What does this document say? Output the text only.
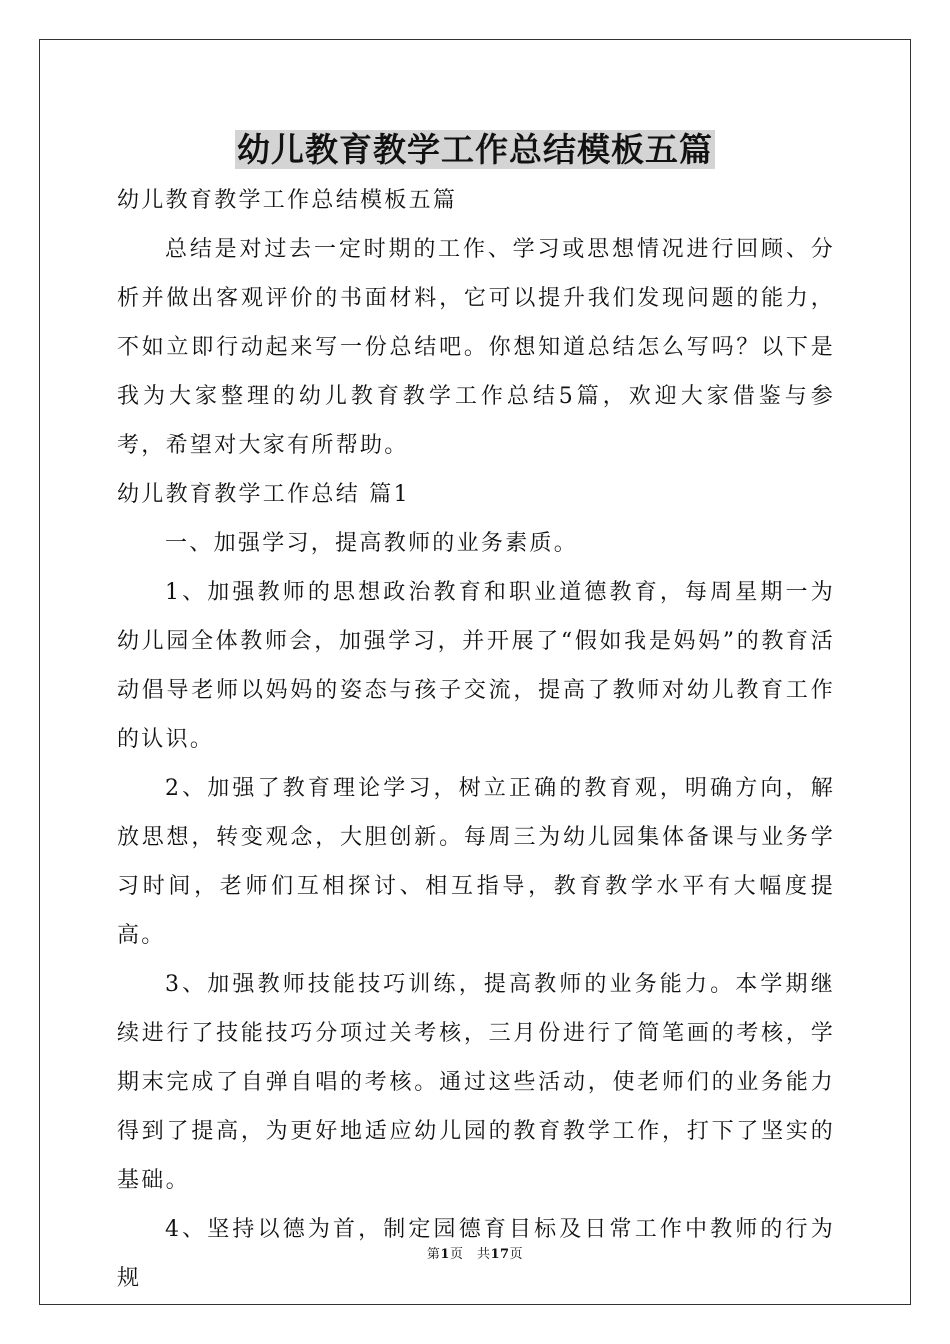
幼儿教育教学工作总结模板五篇

幼儿教育教学工作总结模板五篇

总结是对过去一定时期的工作、学习或思想情况进行回顾、分析并做出客观评价的书面材料，它可以提升我们发现问题的能力，不如立即行动起来写一份总结吧。你想知道总结怎么写吗？以下是我为大家整理的幼儿教育教学工作总结5篇，欢迎大家借鉴与参考，希望对大家有所帮助。

幼儿教育教学工作总结 篇1

一、加强学习，提高教师的业务素质。

1、加强教师的思想政治教育和职业道德教育，每周星期一为幼儿园全体教师会，加强学习，并开展了“假如我是妈妈”的教育活动倡导老师以妈妈的姿态与孩子交流，提高了教师对幼儿教育工作的认识。

2、加强了教育理论学习，树立正确的教育观，明确方向，解放思想，转变观念，大胆创新。每周三为幼儿园集体备课与业务学习时间，老师们互相探讨、相互指导，教育教学水平有大幅度提高。

3、加强教师技能技巧训练，提高教师的业务能力。本学期继续进行了技能技巧分项过关考核，三月份进行了简笔画的考核，学期末完成了自弹自唱的考核。通过这些活动，使老师们的业务能力得到了提高，为更好地适应幼儿园的教育教学工作，打下了坚实的基础。

4、坚持以德为首，制定园德育目标及日常工作中教师的行为规

第1页　共17页
